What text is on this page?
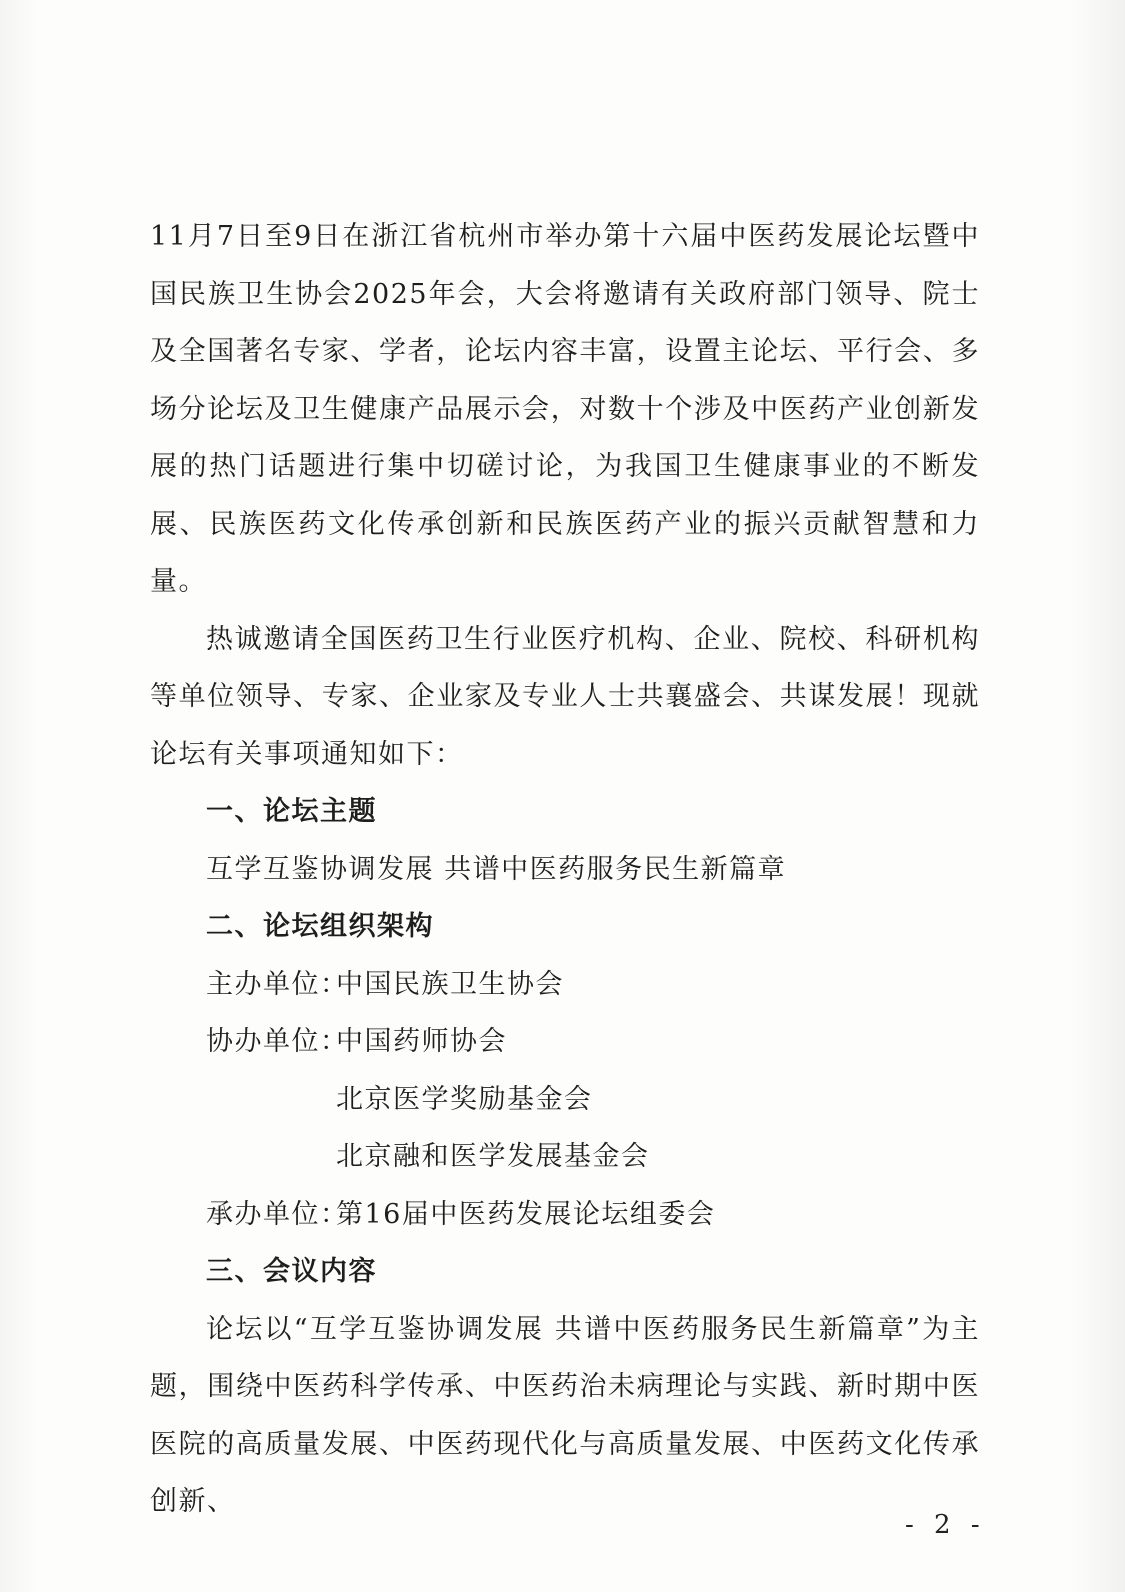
11月7日至9日在浙江省杭州市举办第十六届中医药发展论坛暨中国民族卫生协会2025年会，大会将邀请有关政府部门领导、院士及全国著名专家、学者，论坛内容丰富，设置主论坛、平行会、多场分论坛及卫生健康产品展示会，对数十个涉及中医药产业创新发展的热门话题进行集中切磋讨论，为我国卫生健康事业的不断发展、民族医药文化传承创新和民族医药产业的振兴贡献智慧和力量。

热诚邀请全国医药卫生行业医疗机构、企业、院校、科研机构等单位领导、专家、企业家及专业人士共襄盛会、共谋发展！现就论坛有关事项通知如下：

一、论坛主题
互学互鉴协调发展 共谱中医药服务民生新篇章
二、论坛组织架构
主办单位：
中国民族卫生协会
协办单位：
中国药师协会
北京医学奖励基金会
北京融和医学发展基金会
承办单位：
第16届中医药发展论坛组委会
三、会议内容

论坛以“互学互鉴协调发展 共谱中医药服务民生新篇章”为主题，围绕中医药科学传承、中医药治未病理论与实践、新时期中医医院的高质量发展、中医药现代化与高质量发展、中医药文化传承创新、

- 2 -
